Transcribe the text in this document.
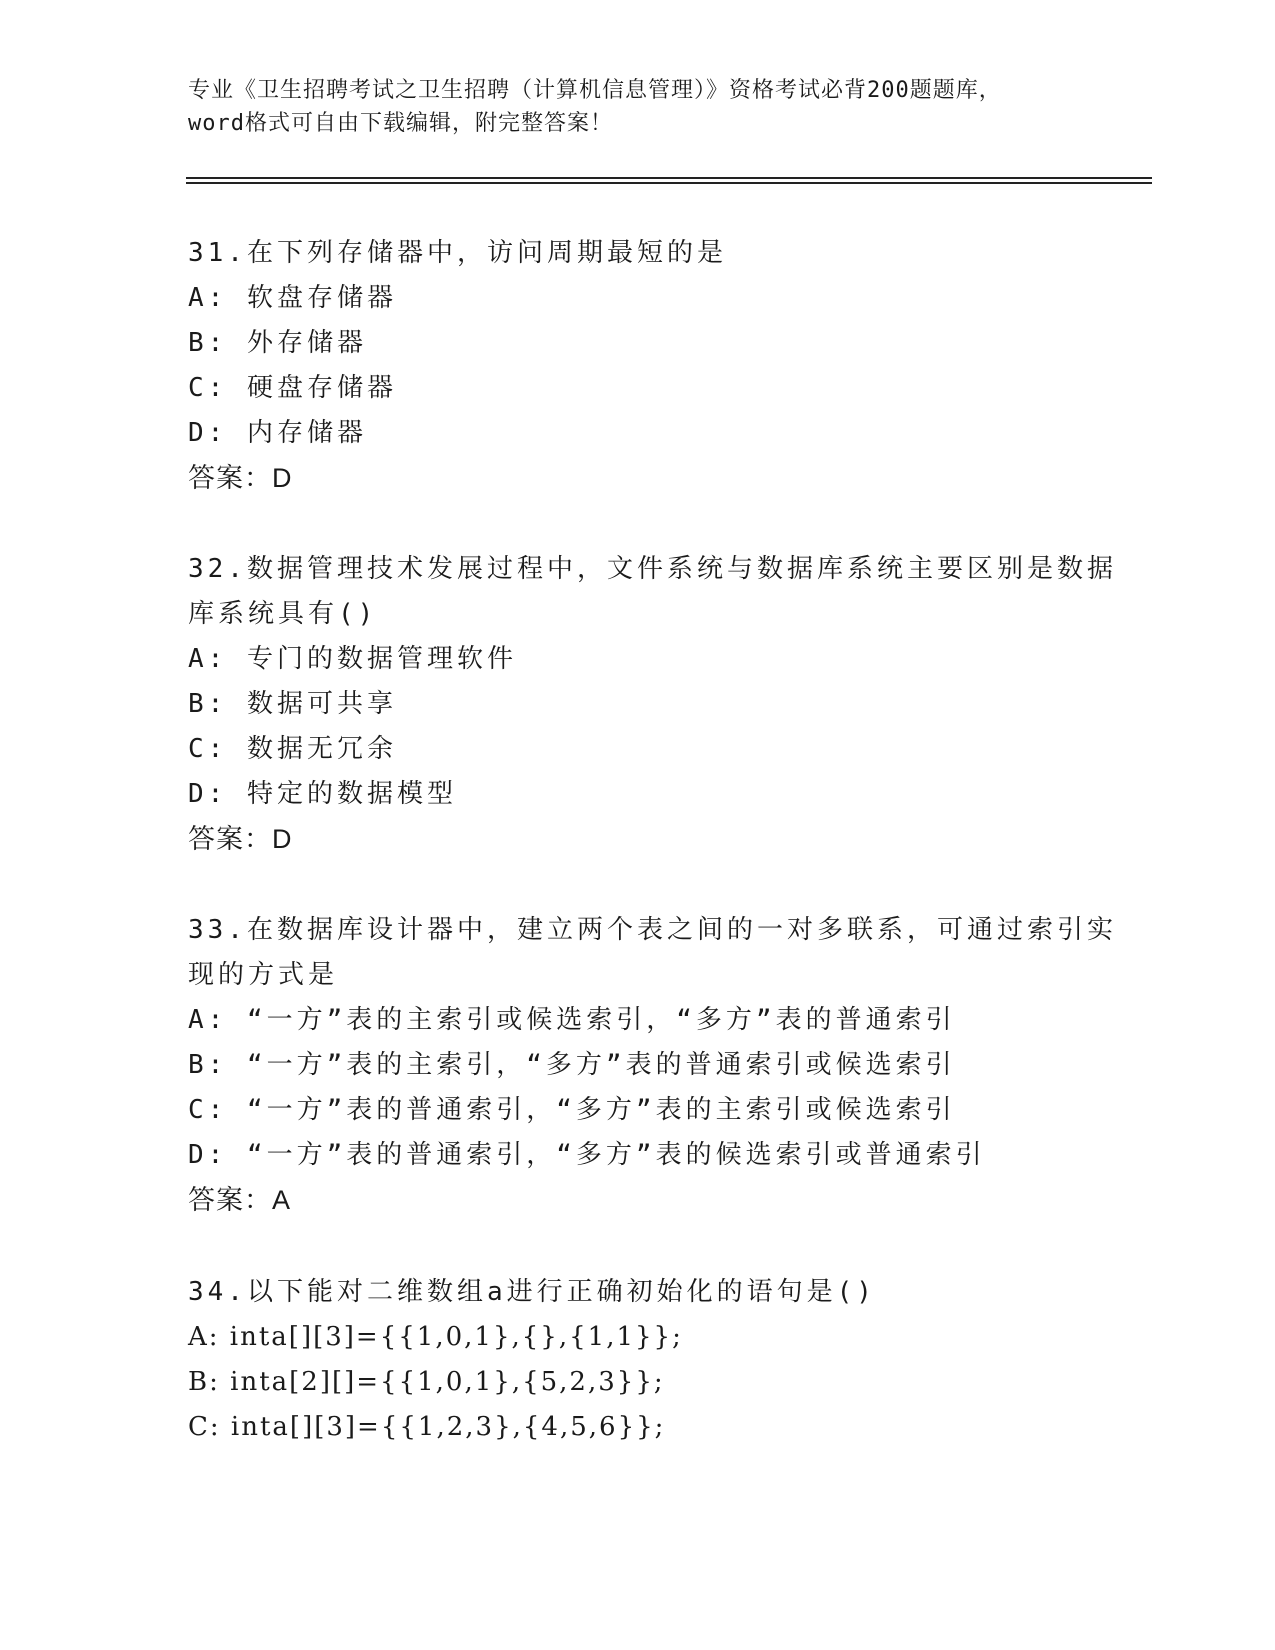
专业《卫生招聘考试之卫生招聘（计算机信息管理）》资格考试必背200题题库，
word格式可自由下载编辑，附完整答案！
31.在下列存储器中，访问周期最短的是
A: 软盘存储器
B: 外存储器
C: 硬盘存储器
D: 内存储器
答案：D
32.数据管理技术发展过程中，文件系统与数据库系统主要区别是数据
库系统具有()
A: 专门的数据管理软件
B: 数据可共享
C: 数据无冗余
D: 特定的数据模型
答案：D
33.在数据库设计器中，建立两个表之间的一对多联系，可通过索引实
现的方式是
A: “一方”表的主索引或候选索引，“多方”表的普通索引
B: “一方”表的主索引，“多方”表的普通索引或候选索引
C: “一方”表的普通索引，“多方”表的主索引或候选索引
D: “一方”表的普通索引，“多方”表的候选索引或普通索引
答案：A
34.以下能对二维数组a进行正确初始化的语句是()
A: inta[][3]={{1,0,1},{},{1,1}};
B: inta[2][]={{1,0,1},{5,2,3}};
C: inta[][3]={{1,2,3},{4,5,6}};
